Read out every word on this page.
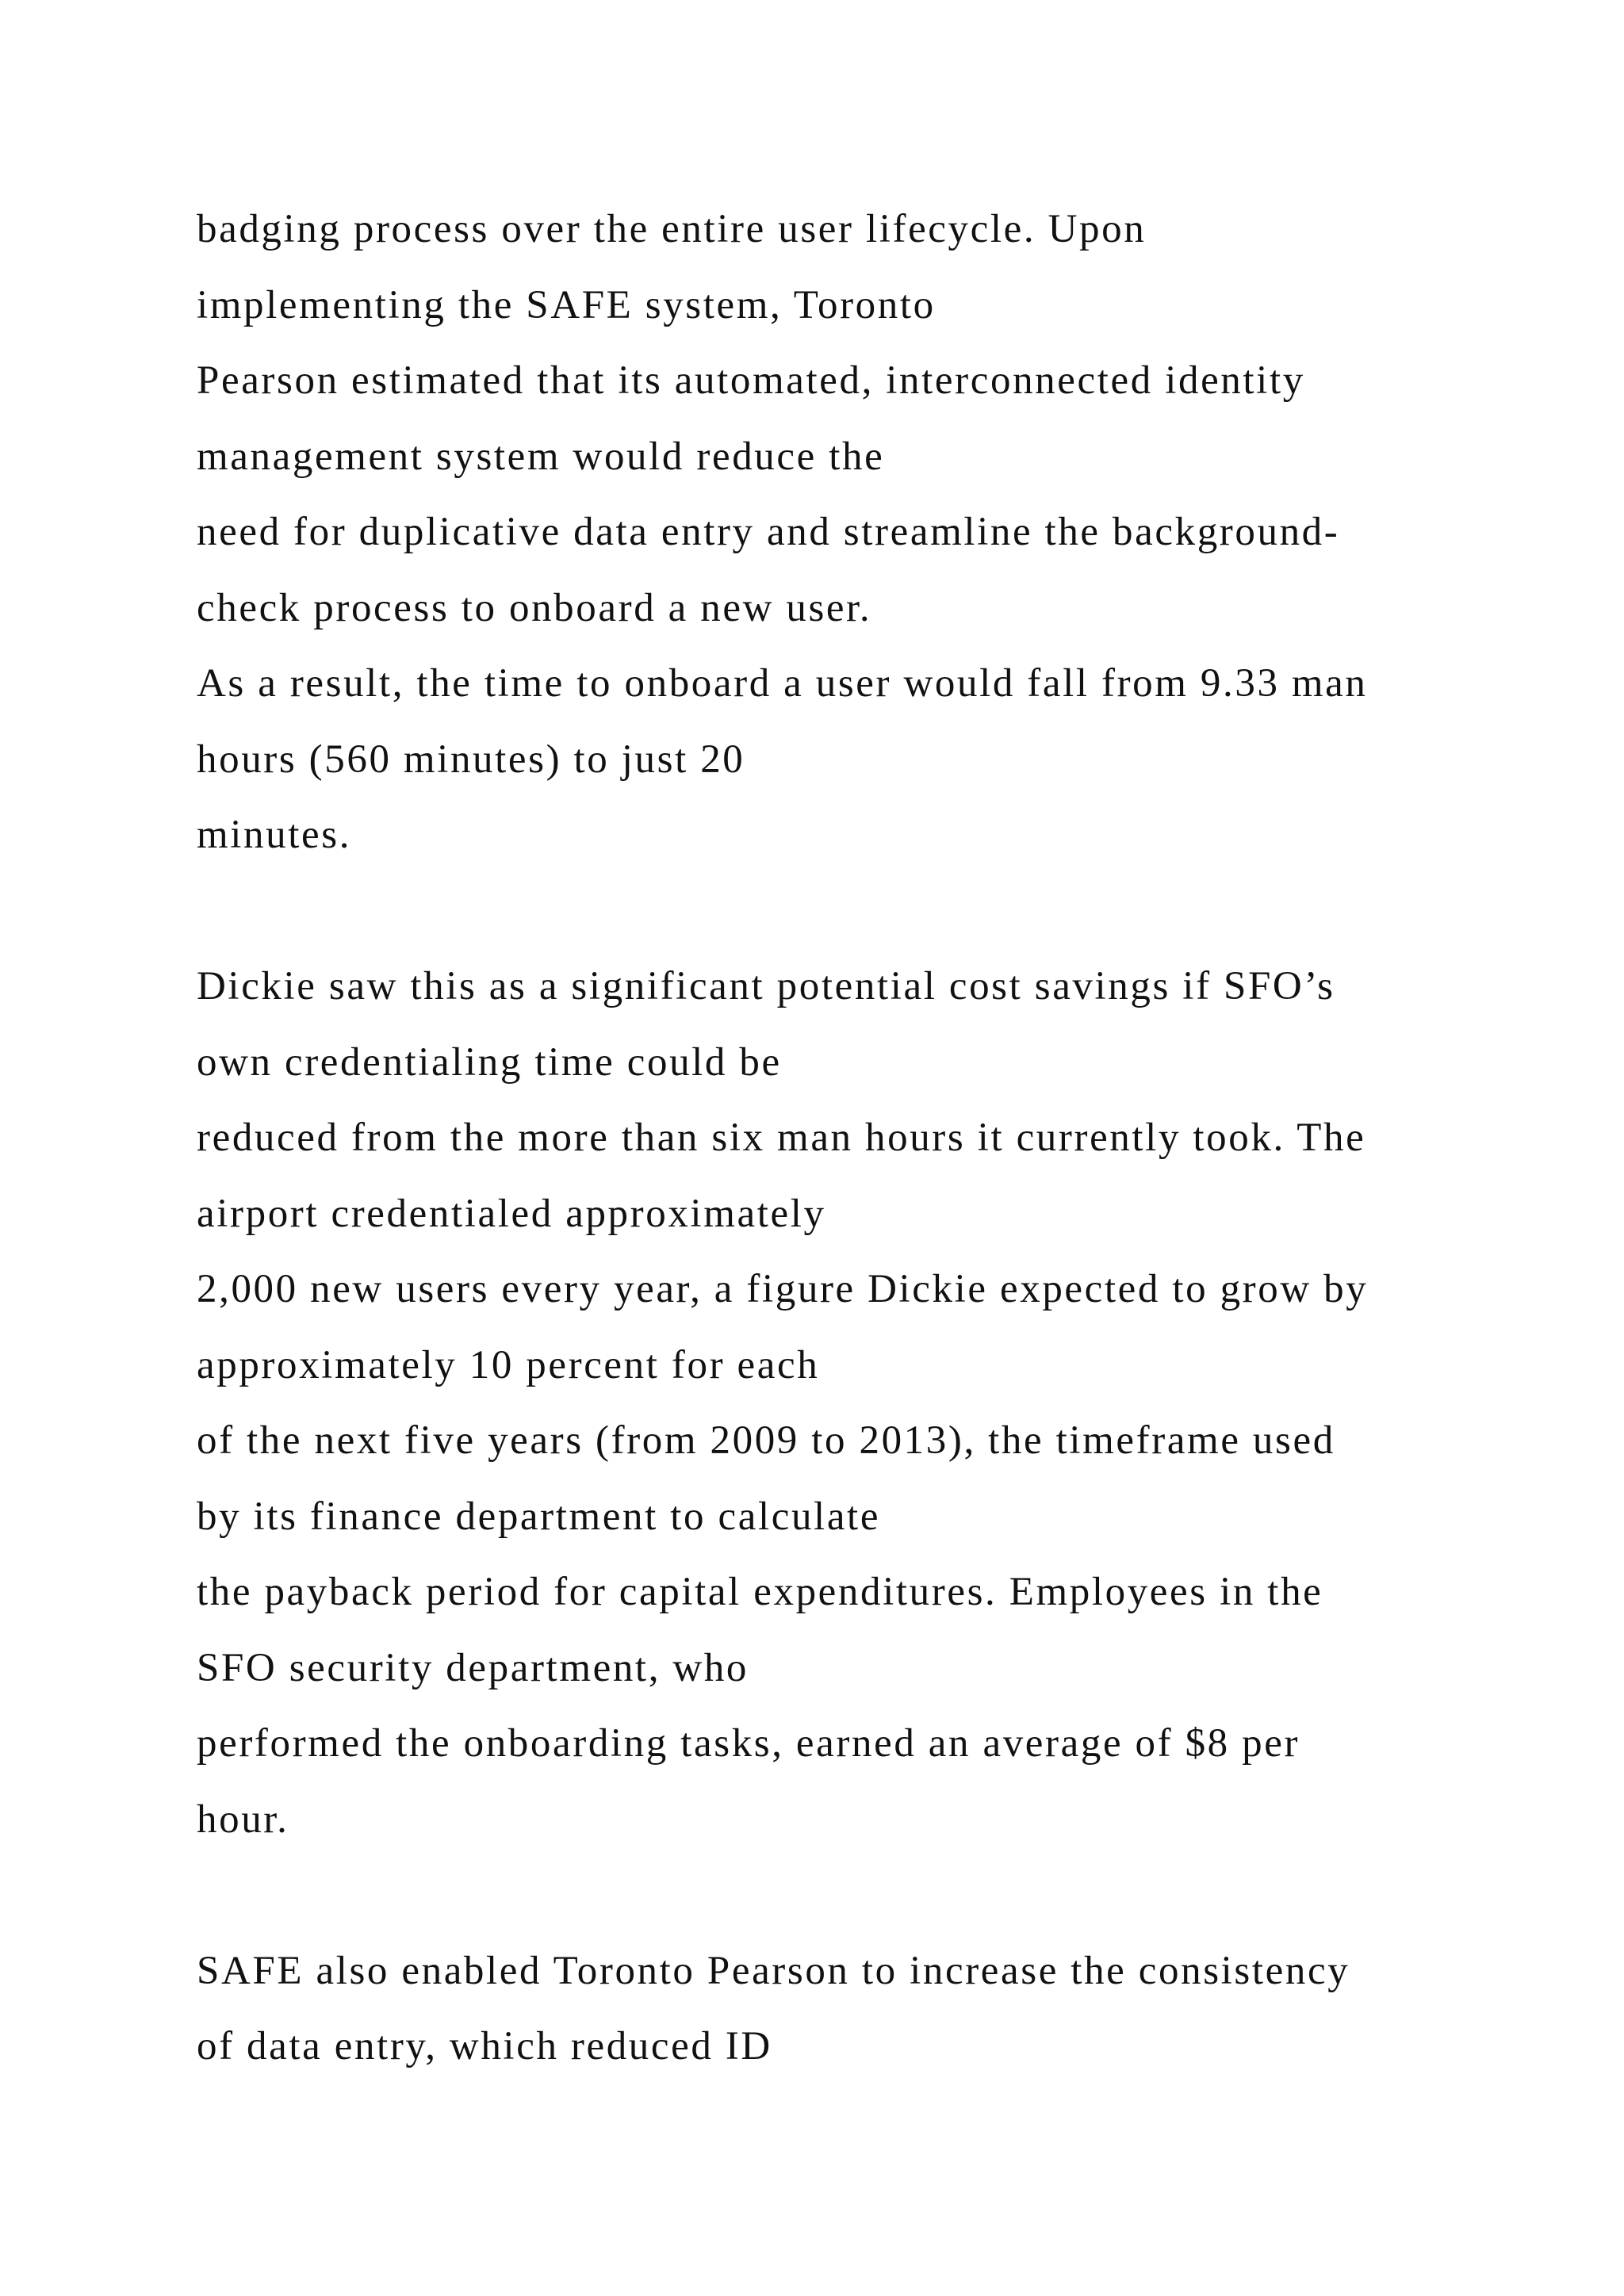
badging process over the entire user lifecycle. Upon
implementing the SAFE system, Toronto
Pearson estimated that its automated, interconnected identity
management system would reduce the
need for duplicative data entry and streamline the background-
check process to onboard a new user.
As a result, the time to onboard a user would fall from 9.33 man
hours (560 minutes) to just 20
minutes.
Dickie saw this as a significant potential cost savings if SFO’s
own credentialing time could be
reduced from the more than six man hours it currently took. The
airport credentialed approximately
2,000 new users every year, a figure Dickie expected to grow by
approximately 10 percent for each
of the next five years (from 2009 to 2013), the timeframe used
by its finance department to calculate
the payback period for capital expenditures. Employees in the
SFO security department, who
performed the onboarding tasks, earned an average of $8 per
hour.
SAFE also enabled Toronto Pearson to increase the consistency
of data entry, which reduced ID
